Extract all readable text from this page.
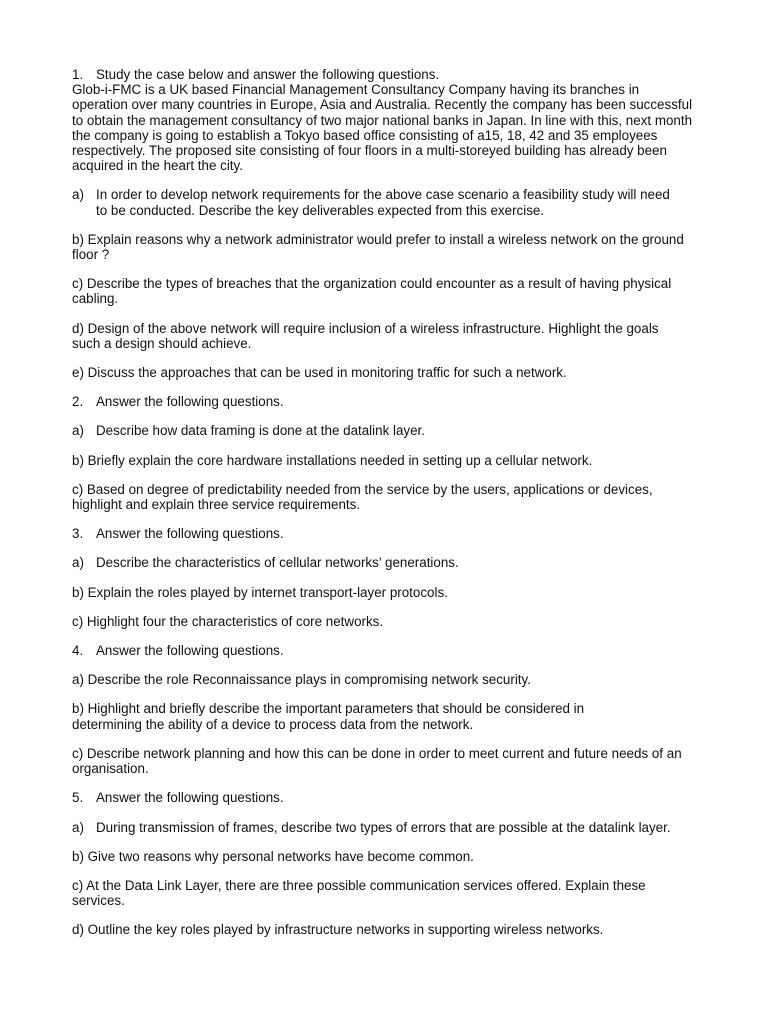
1. Study the case below and answer the following questions.

Glob-i-FMC is a UK based Financial Management Consultancy Company having its branches in operation over many countries in Europe, Asia and Australia. Recently the company has been successful to obtain the management consultancy of two major national banks in Japan. In line with this, next month the company is going to establish a Tokyo based office consisting of a15, 18, 42 and 35 employees respectively. The proposed site consisting of four floors in a multi-storeyed building has already been acquired in the heart the city.

a) In order to develop network requirements for the above case scenario a feasibility study will need to be conducted. Describe the key deliverables expected from this exercise.

b) Explain reasons why a network administrator would prefer to install a wireless network on the ground floor ?

c) Describe the types of breaches that the organization could encounter as a result of having physical cabling.

d) Design of the above network will require inclusion of a wireless infrastructure. Highlight the goals such a design should achieve.

e) Discuss the approaches that can be used in monitoring traffic for such a network.

2. Answer the following questions.
a) Describe how data framing is done at the datalink layer.

b) Briefly explain the core hardware installations needed in setting up a cellular network.

c) Based on degree of predictability needed from the service by the users, applications or devices, highlight and explain three service requirements.

3. Answer the following questions.
a) Describe the characteristics of cellular networks’ generations.

b) Explain the roles played by internet transport-layer protocols.

c) Highlight four the characteristics of core networks.

4. Answer the following questions.

a) Describe the role Reconnaissance plays in compromising network security.

b) Highlight and briefly describe the important parameters that should be considered in determining the ability of a device to process data from the network.

c) Describe network planning and how this can be done in order to meet current and future needs of an organisation.

5. Answer the following questions.
a) During transmission of frames, describe two types of errors that are possible at the datalink layer.

b) Give two reasons why personal networks have become common.

c) At the Data Link Layer, there are three possible communication services offered. Explain these services.

d) Outline the key roles played by infrastructure networks in supporting wireless networks.
